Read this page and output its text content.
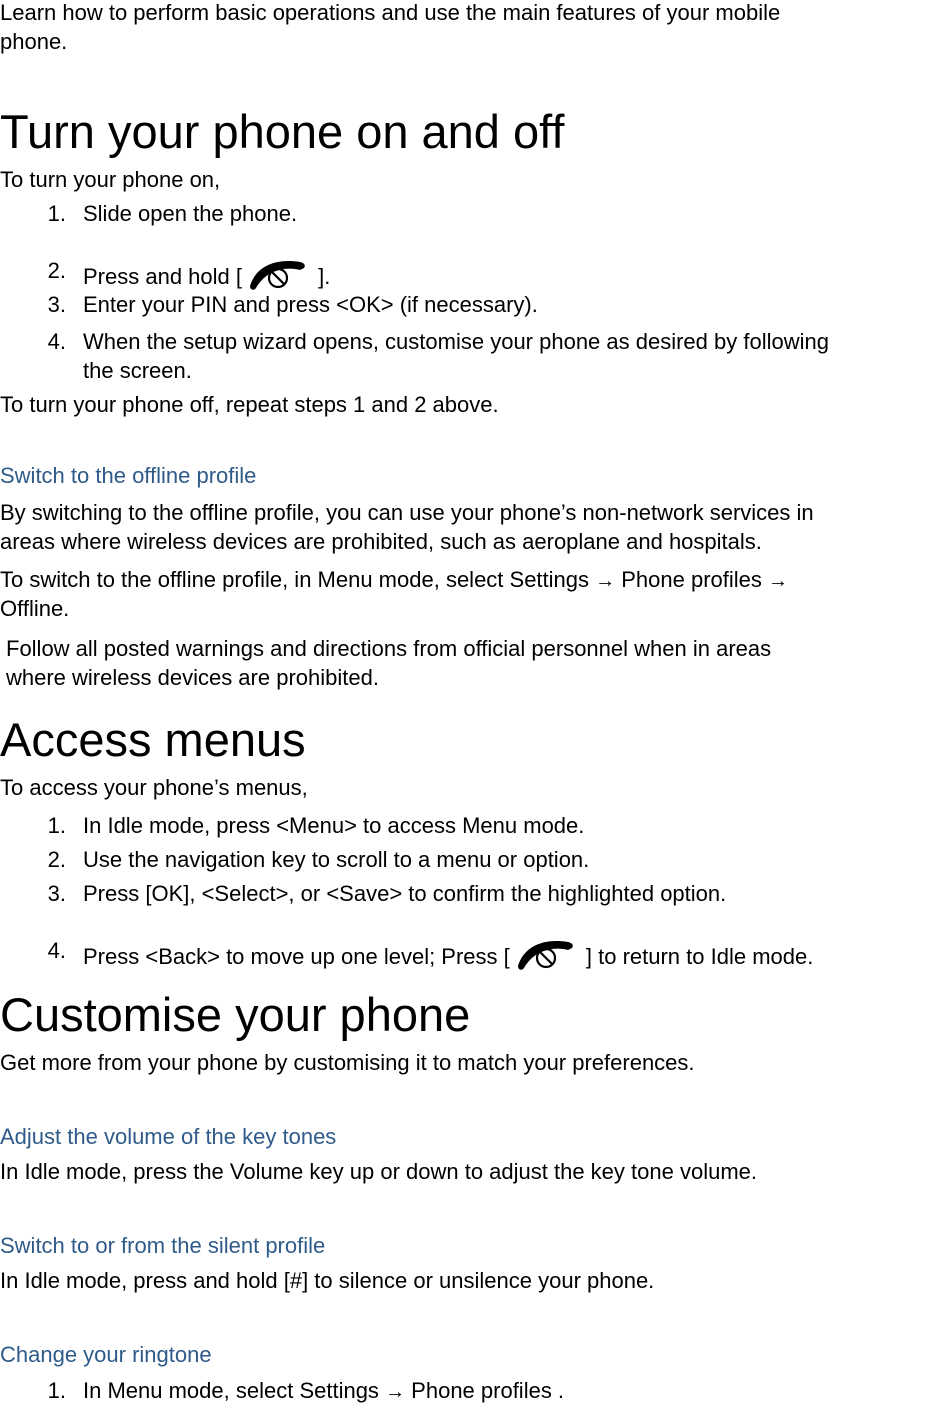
Learn how to perform basic operations and use the main features of your mobile
phone.
Turn your phone on and off
To turn your phone on,
1. Slide open the phone.
2. Press and hold [	].
3. Enter your PIN and press <OK> (if necessary).
4. When the setup wizard opens, customise your phone as desired by following
the screen.
To turn your phone off, repeat steps 1 and 2 above.
Switch to the offline profile
By switching to the offline profile, you can use your phone’s non-network services in
areas where wireless devices are prohibited, such as aeroplane and hospitals.
To switch to the offline profile, in Menu mode, select Settings → Phone profiles →
Offline.
Follow all posted warnings and directions from official personnel when in areas
where wireless devices are prohibited.
Access menus
To access your phone’s menus,
1. In Idle mode, press <Menu> to access Menu mode.
2. Use the navigation key to scroll to a menu or option.
3. Press [OK], <Select>, or <Save> to confirm the highlighted option.
4. Press <Back> to move up one level; Press [	] to return to Idle mode.
Customise your phone
Get more from your phone by customising it to match your preferences.
Adjust the volume of the key tones
In Idle mode, press the Volume key up or down to adjust the key tone volume.
Switch to or from the silent profile
In Idle mode, press and hold [#] to silence or unsilence your phone.
Change your ringtone
1. In Menu mode, select Settings → Phone profiles .
